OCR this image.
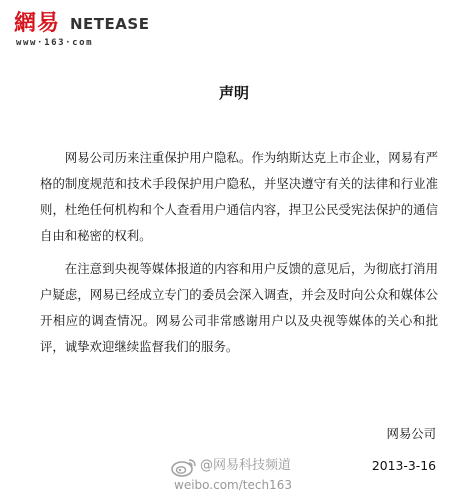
網易 NETEASE
www·163·com
声明

网易公司历来注重保护用户隐私。作为纳斯达克上市企业，网易有严格的制度规范和技术手段保护用户隐私，并坚决遵守有关的法律和行业准则，杜绝任何机构和个人查看用户通信内容，捍卫公民受宪法保护的通信自由和秘密的权利。

在注意到央视等媒体报道的内容和用户反馈的意见后，为彻底打消用户疑虑，网易已经成立专门的委员会深入调查，并会及时向公众和媒体公开相应的调查情况。网易公司非常感谢用户以及央视等媒体的关心和批评，诚挚欢迎继续监督我们的服务。

网易公司
2013-3-16
@网易科技频道
weibo.com/tech163
